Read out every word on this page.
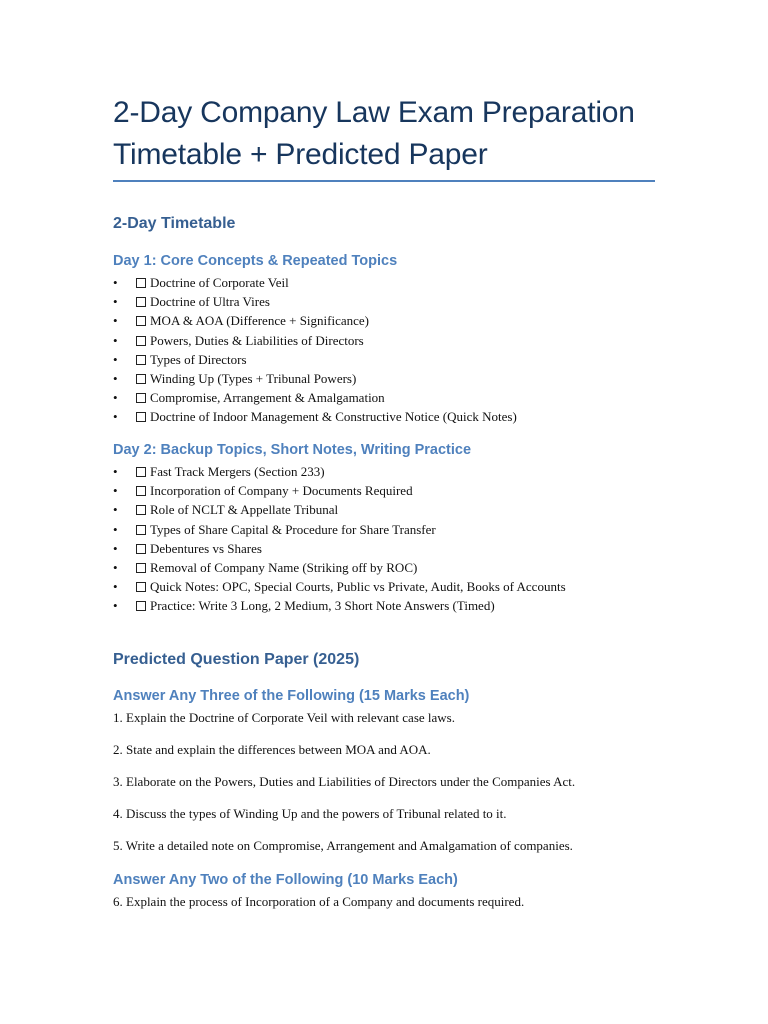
2-Day Company Law Exam Preparation
Timetable + Predicted Paper
2-Day Timetable
Day 1: Core Concepts & Repeated Topics
• Doctrine of Corporate Veil
• Doctrine of Ultra Vires
• MOA & AOA (Difference + Significance)
• Powers, Duties & Liabilities of Directors
• Types of Directors
• Winding Up (Types + Tribunal Powers)
• Compromise, Arrangement & Amalgamation
• Doctrine of Indoor Management & Constructive Notice (Quick Notes)
Day 2: Backup Topics, Short Notes, Writing Practice
• Fast Track Mergers (Section 233)
• Incorporation of Company + Documents Required
• Role of NCLT & Appellate Tribunal
• Types of Share Capital & Procedure for Share Transfer
• Debentures vs Shares
• Removal of Company Name (Striking off by ROC)
• Quick Notes: OPC, Special Courts, Public vs Private, Audit, Books of Accounts
• Practice: Write 3 Long, 2 Medium, 3 Short Note Answers (Timed)
Predicted Question Paper (2025)
Answer Any Three of the Following (15 Marks Each)

1. Explain the Doctrine of Corporate Veil with relevant case laws.

2. State and explain the differences between MOA and AOA.

3. Elaborate on the Powers, Duties and Liabilities of Directors under the Companies Act.

4. Discuss the types of Winding Up and the powers of Tribunal related to it.

5. Write a detailed note on Compromise, Arrangement and Amalgamation of companies.

Answer Any Two of the Following (10 Marks Each)

6. Explain the process of Incorporation of a Company and documents required.
